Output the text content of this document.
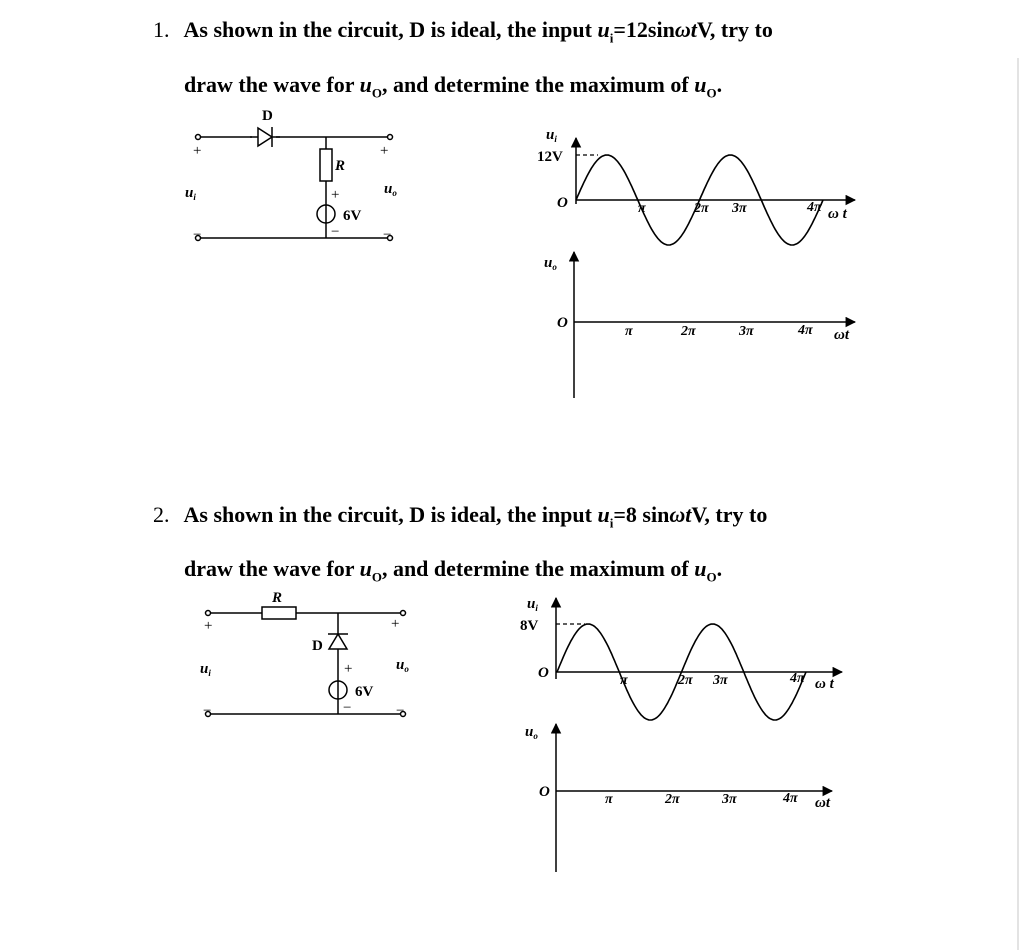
1. As shown in the circuit, D is ideal, the input $u_i=12\sin\omega tV$, try to
draw the wave for $u_O$, and determine the maximum of $u_O$.
2. As shown in the circuit, D is ideal, the input $u_i=8$ sinωtV, try to
draw the wave for $u_O$, and determine the maximum of $u_O$.
D
R
6V
+	+
+
−
−	−
$u_i$	$u_o$
$u_i$
12V
O	π	2π 3π	4π ω t
$u_o$
O
π	2π	3π	4π ωt
R
D
6V
+	+
+
−
−	−
$u_i$	$u_o$
$u_i$
8V
O	π	2π 3π	4π ω t
$u_o$
O	π	2π	3π	4π ωt
